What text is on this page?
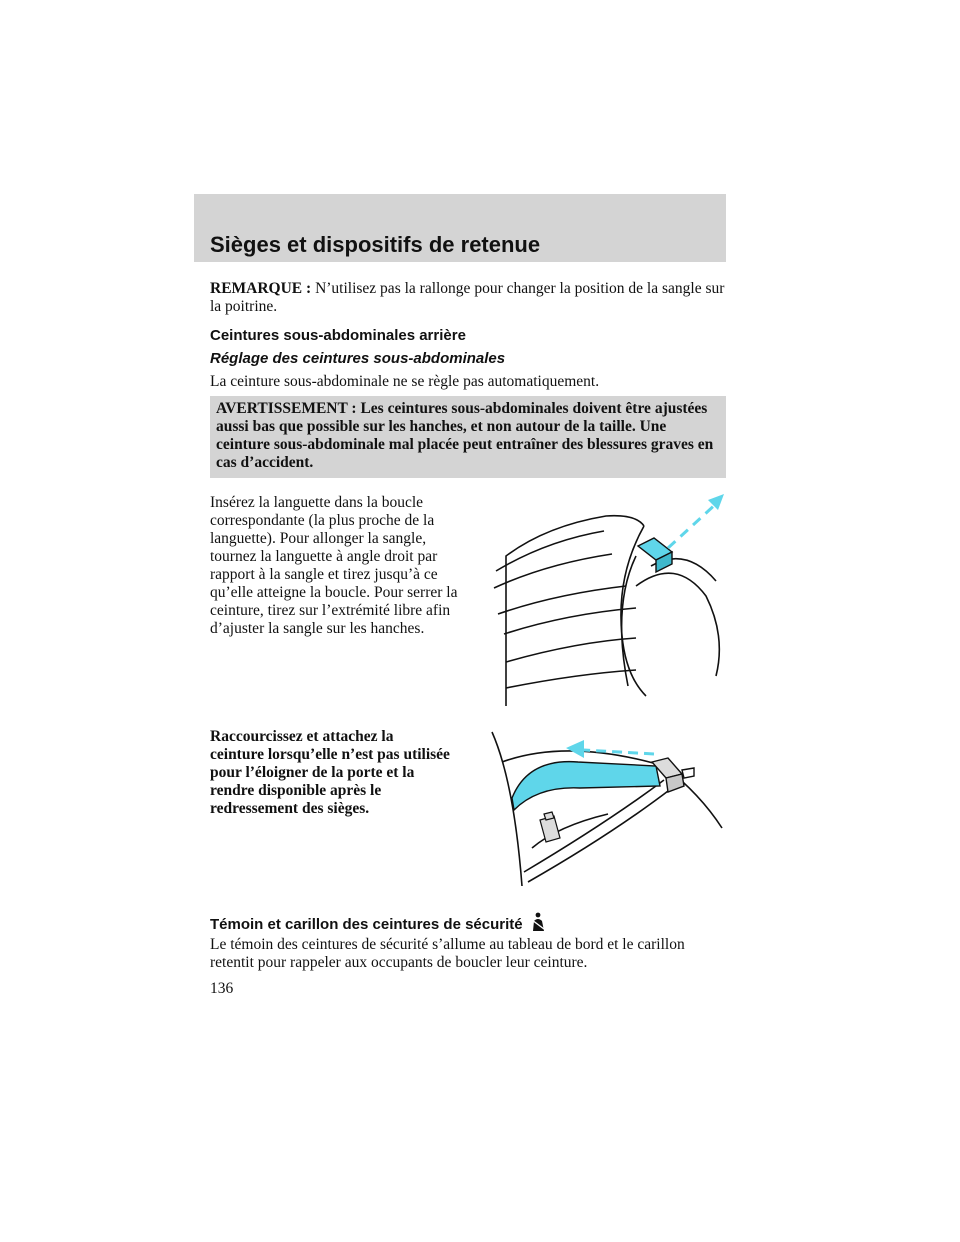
Sièges et dispositifs de retenue

REMARQUE : N’utilisez pas la rallonge pour changer la position de la sangle sur la poitrine.

Ceintures sous-abdominales arrière

Réglage des ceintures sous-abdominales

La ceinture sous-abdominale ne se règle pas automatiquement.

AVERTISSEMENT : Les ceintures sous-abdominales doivent être ajustées aussi bas que possible sur les hanches, et non autour de la taille. Une ceinture sous-abdominale mal placée peut entraîner des blessures graves en cas d’accident.

Insérez la languette dans la boucle correspondante (la plus proche de la languette). Pour allonger la sangle, tournez la languette à angle droit par rapport à la sangle et tirez jusqu’à ce qu’elle atteigne la boucle. Pour serrer la ceinture, tirez sur l’extrémité libre afin d’ajuster la sangle sur les hanches.

Raccourcissez et attachez la ceinture lorsqu’elle n’est pas utilisée pour l’éloigner de la porte et la rendre disponible après le redressement des sièges.

Témoin et carillon des ceintures de sécurité

Le témoin des ceintures de sécurité s’allume au tableau de bord et le carillon retentit pour rappeler aux occupants de boucler leur ceinture.

136
